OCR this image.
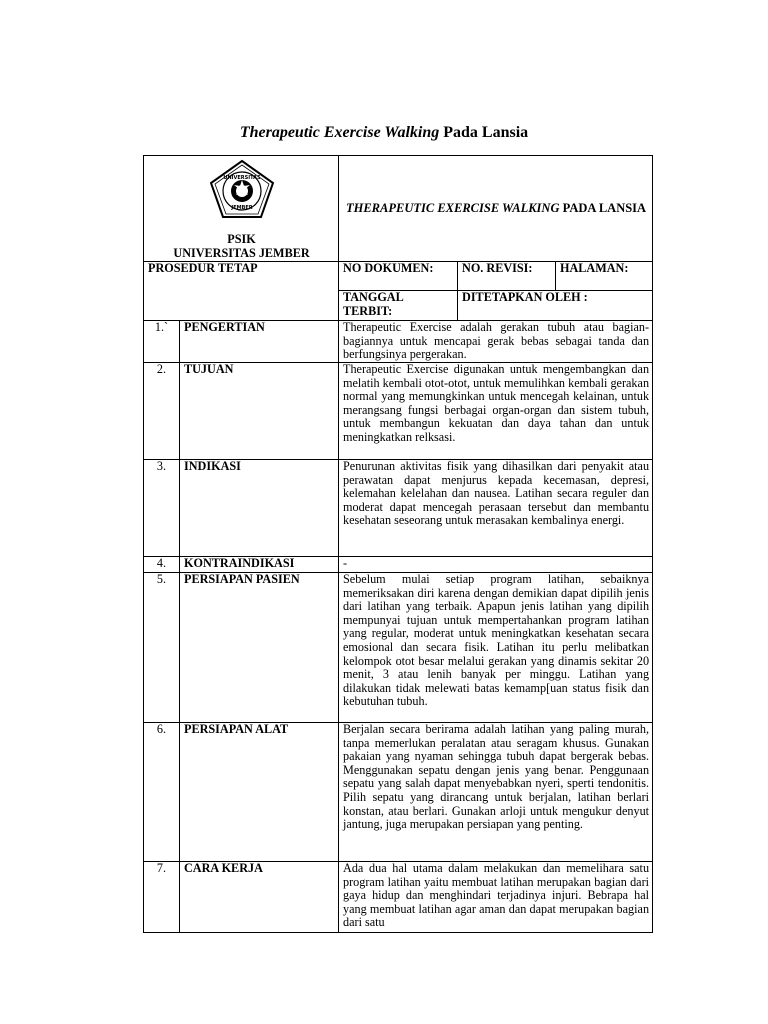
Therapeutic Exercise Walking Pada Lansia
UNIVERSITAS
JEMBER
PSIK
UNIVERSITAS JEMBER		THERAPEUTIC EXERCISE WALKING PADA LANSIA		
PROSEDUR TETAP		NO DOKUMEN:	NO. REVISI:	HALAMAN:
		TANGGAL TERBIT:	DITETAPKAN OLEH :	
1.`	PENGERTIAN	Therapeutic Exercise adalah gerakan tubuh atau bagian-bagiannya untuk mencapai gerak bebas sebagai tanda dan berfungsinya pergerakan.		
2.	TUJUAN	Therapeutic Exercise digunakan untuk mengembangkan dan melatih kembali otot-otot, untuk memulihkan kembali gerakan normal yang memungkinkan untuk mencegah kelainan, untuk merangsang fungsi berbagai organ-organ dan sistem tubuh, untuk membangun kekuatan dan daya tahan dan untuk meningkatkan relksasi.		
3.	INDIKASI	Penurunan aktivitas fisik yang dihasilkan dari penyakit atau perawatan dapat menjurus kepada kecemasan, depresi, kelemahan kelelahan dan nausea. Latihan secara reguler dan moderat dapat mencegah perasaan tersebut dan membantu kesehatan seseorang untuk merasakan kembalinya energi.		
4.	KONTRAINDIKASI	-		
5.	PERSIAPAN PASIEN	Sebelum mulai setiap program latihan, sebaiknya memeriksakan diri karena dengan demikian dapat dipilih jenis dari latihan yang terbaik. Apapun jenis latihan yang dipilih mempunyai tujuan untuk mempertahankan program latihan yang regular, moderat untuk meningkatkan kesehatan secara emosional dan secara fisik. Latihan itu perlu melibatkan kelompok otot besar melalui gerakan yang dinamis sekitar 20 menit, 3 atau lenih banyak per minggu. Latihan yang dilakukan tidak melewati batas kemamp[uan status fisik dan kebutuhan tubuh.		
6.	PERSIAPAN ALAT	Berjalan secara berirama adalah latihan yang paling murah, tanpa memerlukan peralatan atau seragam khusus. Gunakan pakaian yang nyaman sehingga tubuh dapat bergerak bebas. Menggunakan sepatu dengan jenis yang benar. Penggunaan sepatu yang salah dapat menyebabkan nyeri, sperti tendonitis. Pilih sepatu yang dirancang untuk berjalan, latihan berlari konstan, atau berlari. Gunakan arloji untuk mengukur denyut jantung, juga merupakan persiapan yang penting.		
7.	CARA KERJA	Ada dua hal utama dalam melakukan dan memelihara satu program latihan yaitu membuat latihan merupakan bagian dari gaya hidup dan menghindari terjadinya injuri. Bebrapa hal yang membuat latihan agar aman dan dapat merupakan bagian dari satu		
